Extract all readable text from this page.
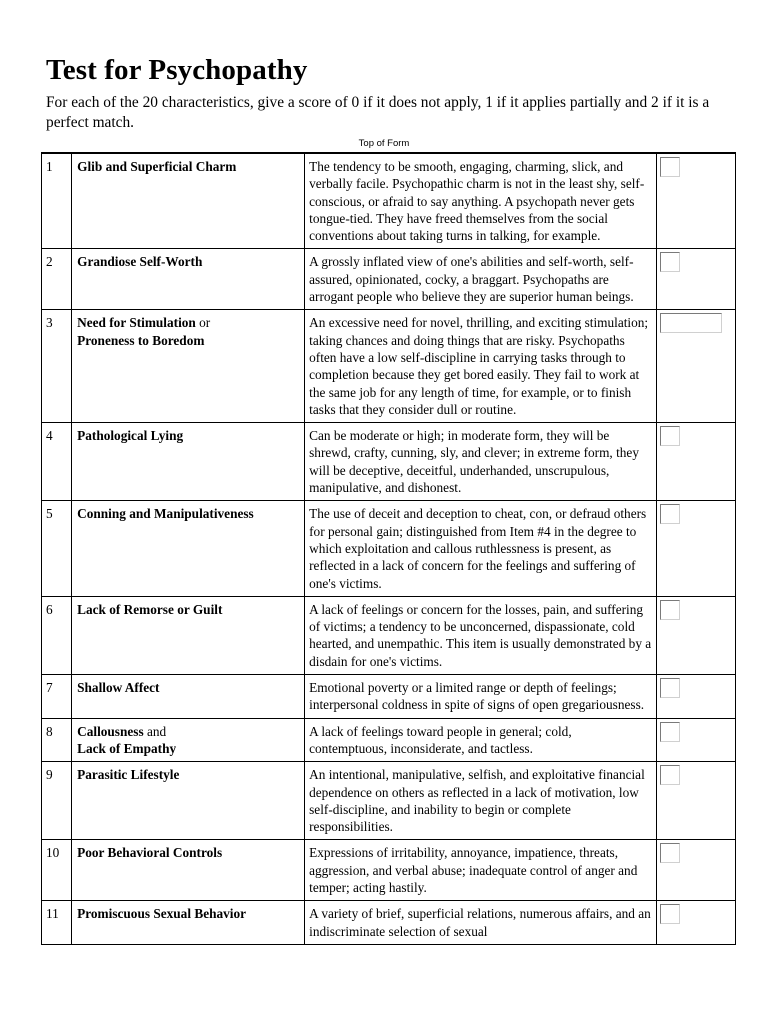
Test for Psychopathy

For each of the 20 characteristics, give a score of 0 if it does not apply, 1 if it applies partially and 2 if it is a perfect match.

Top of Form
1	Glib and Superficial Charm	The tendency to be smooth, engaging, charming, slick, and verbally facile. Psychopathic charm is not in the least shy, self-conscious, or afraid to say anything. A psychopath never gets tongue-tied. They have freed themselves from the social conventions about taking turns in talking, for example.	

2	Grandiose Self-Worth	A grossly inflated view of one's abilities and self-worth, self-assured, opinionated, cocky, a braggart. Psychopaths are arrogant people who believe they are superior human beings.	

3	Need for Stimulation or
Proneness to Boredom	An excessive need for novel, thrilling, and exciting stimulation; taking chances and doing things that are risky. Psychopaths often have a low self-discipline in carrying tasks through to completion because they get bored easily. They fail to work at the same job for any length of time, for example, or to finish tasks that they consider dull or routine.	

4	Pathological Lying	Can be moderate or high; in moderate form, they will be shrewd, crafty, cunning, sly, and clever; in extreme form, they will be deceptive, deceitful, underhanded, unscrupulous, manipulative, and dishonest.	

5	Conning and Manipulativeness	The use of deceit and deception to cheat, con, or defraud others for personal gain; distinguished from Item #4 in the degree to which exploitation and callous ruthlessness is present, as reflected in a lack of concern for the feelings and suffering of one's victims.	

6	Lack of Remorse or Guilt	A lack of feelings or concern for the losses, pain, and suffering of victims; a tendency to be unconcerned, dispassionate, cold hearted, and unempathic. This item is usually demonstrated by a disdain for one's victims.	

7	Shallow Affect	Emotional poverty or a limited range or depth of feelings; interpersonal coldness in spite of signs of open gregariousness.	

8	Callousness and
Lack of Empathy	A lack of feelings toward people in general; cold, contemptuous, inconsiderate, and tactless.	

9	Parasitic Lifestyle	An intentional, manipulative, selfish, and exploitative financial dependence on others as reflected in a lack of motivation, low self-discipline, and inability to begin or complete responsibilities.	

10	Poor Behavioral Controls	Expressions of irritability, annoyance, impatience, threats, aggression, and verbal abuse; inadequate control of anger and temper; acting hastily.	

11	Promiscuous Sexual Behavior	A variety of brief, superficial relations, numerous affairs, and an indiscriminate selection of sexual	
